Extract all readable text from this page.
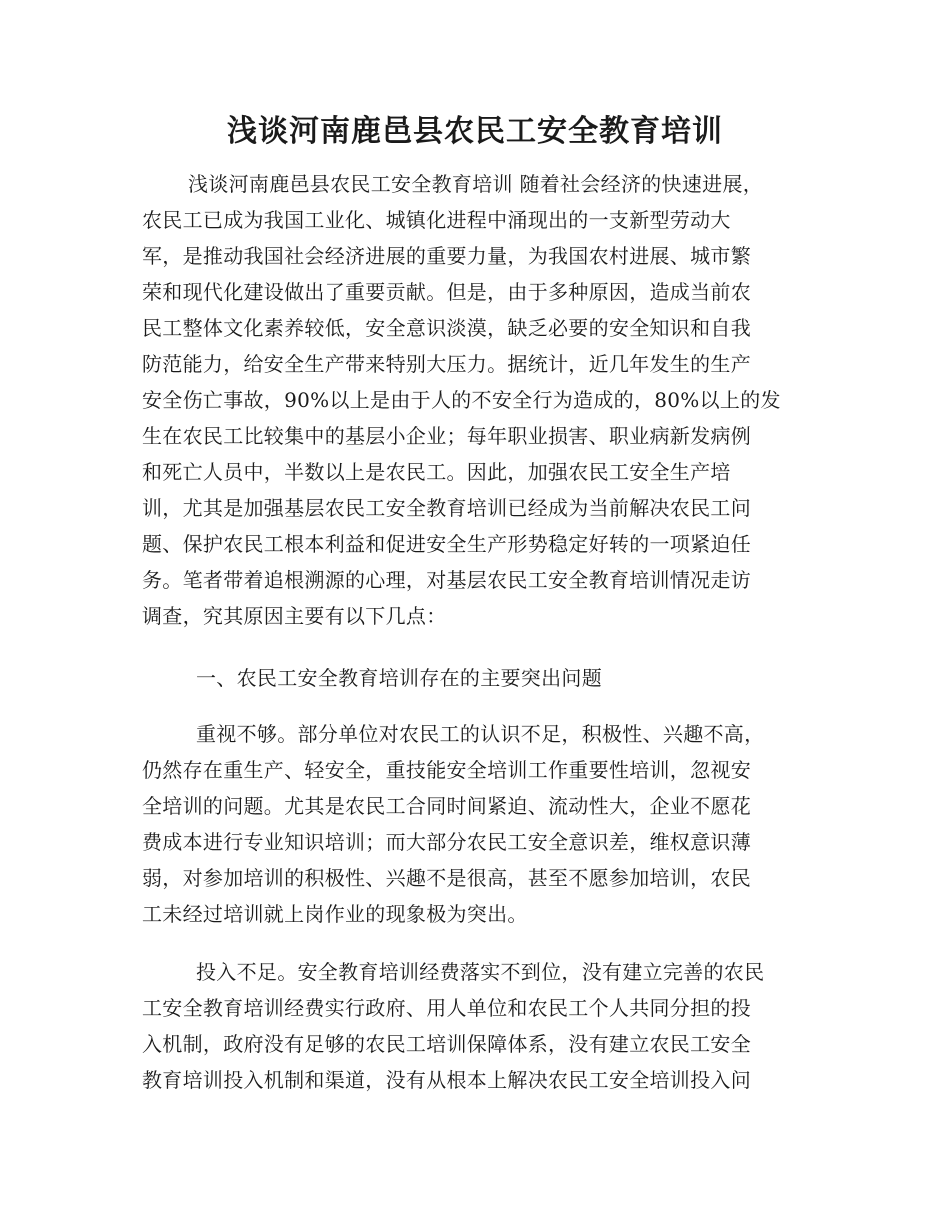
浅谈河南鹿邑县农民工安全教育培训
浅谈河南鹿邑县农民工安全教育培训 随着社会经济的快速进展，
农民工已成为我国工业化、城镇化进程中涌现出的一支新型劳动大
军，是推动我国社会经济进展的重要力量，为我国农村进展、城市繁
荣和现代化建设做出了重要贡献。但是，由于多种原因，造成当前农
民工整体文化素养较低，安全意识淡漠，缺乏必要的安全知识和自我
防范能力，给安全生产带来特别大压力。据统计，近几年发生的生产
安全伤亡事故，90%以上是由于人的不安全行为造成的，80%以上的发
生在农民工比较集中的基层小企业；每年职业损害、职业病新发病例
和死亡人员中，半数以上是农民工。因此，加强农民工安全生产培
训，尤其是加强基层农民工安全教育培训已经成为当前解决农民工问
题、保护农民工根本利益和促进安全生产形势稳定好转的一项紧迫任
务。笔者带着追根溯源的心理，对基层农民工安全教育培训情况走访
调查，究其原因主要有以下几点：
一、农民工安全教育培训存在的主要突出问题
重视不够。部分单位对农民工的认识不足，积极性、兴趣不高，
仍然存在重生产、轻安全，重技能安全培训工作重要性培训，忽视安
全培训的问题。尤其是农民工合同时间紧迫、流动性大，企业不愿花
费成本进行专业知识培训；而大部分农民工安全意识差，维权意识薄
弱，对参加培训的积极性、兴趣不是很高，甚至不愿参加培训，农民
工未经过培训就上岗作业的现象极为突出。
投入不足。安全教育培训经费落实不到位，没有建立完善的农民
工安全教育培训经费实行政府、用人单位和农民工个人共同分担的投
入机制，政府没有足够的农民工培训保障体系，没有建立农民工安全
教育培训投入机制和渠道，没有从根本上解决农民工安全培训投入问
